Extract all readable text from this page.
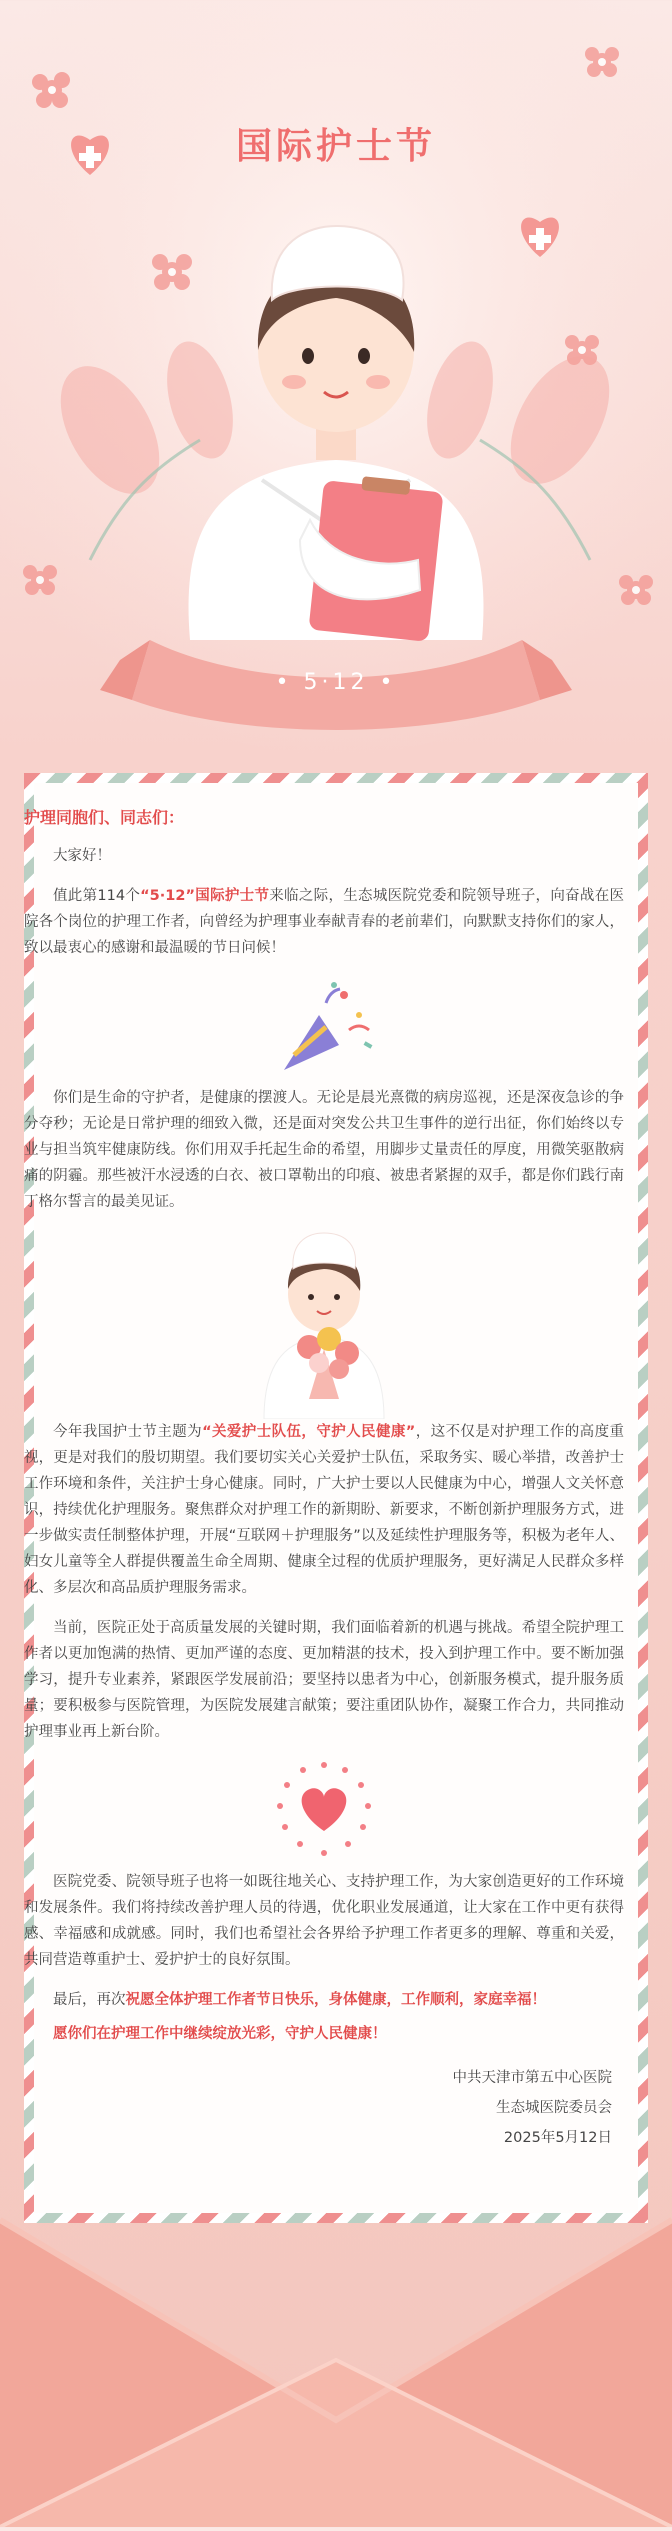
国际护士节
• 5·12 •

护理同胞们、同志们：

大家好！

值此第114个“5·12”国际护士节来临之际，生态城医院党委和院领导班子，向奋战在医院各个岗位的护理工作者，向曾经为护理事业奉献青春的老前辈们，向默默支持你们的家人，致以最衷心的感谢和最温暖的节日问候！

你们是生命的守护者，是健康的摆渡人。无论是晨光熹微的病房巡视，还是深夜急诊的争分夺秒；无论是日常护理的细致入微，还是面对突发公共卫生事件的逆行出征，你们始终以专业与担当筑牢健康防线。你们用双手托起生命的希望，用脚步丈量责任的厚度，用微笑驱散病痛的阴霾。那些被汗水浸透的白衣、被口罩勒出的印痕、被患者紧握的双手，都是你们践行南丁格尔誓言的最美见证。

今年我国护士节主题为“关爱护士队伍，守护人民健康”，这不仅是对护理工作的高度重视，更是对我们的殷切期望。我们要切实关心关爱护士队伍，采取务实、暖心举措，改善护士工作环境和条件，关注护士身心健康。同时，广大护士要以人民健康为中心，增强人文关怀意识，持续优化护理服务。聚焦群众对护理工作的新期盼、新要求，不断创新护理服务方式，进一步做实责任制整体护理，开展“互联网＋护理服务”以及延续性护理服务等，积极为老年人、妇女儿童等全人群提供覆盖生命全周期、健康全过程的优质护理服务，更好满足人民群众多样化、多层次和高品质护理服务需求。

当前，医院正处于高质量发展的关键时期，我们面临着新的机遇与挑战。希望全院护理工作者以更加饱满的热情、更加严谨的态度、更加精湛的技术，投入到护理工作中。要不断加强学习，提升专业素养，紧跟医学发展前沿；要坚持以患者为中心，创新服务模式，提升服务质量；要积极参与医院管理，为医院发展建言献策；要注重团队协作，凝聚工作合力，共同推动护理事业再上新台阶。

医院党委、院领导班子也将一如既往地关心、支持护理工作，为大家创造更好的工作环境和发展条件。我们将持续改善护理人员的待遇，优化职业发展通道，让大家在工作中更有获得感、幸福感和成就感。同时，我们也希望社会各界给予护理工作者更多的理解、尊重和关爱，共同营造尊重护士、爱护护士的良好氛围。

最后，再次祝愿全体护理工作者节日快乐，身体健康，工作顺利，家庭幸福！

愿你们在护理工作中继续绽放光彩，守护人民健康！

中共天津市第五中心医院
生态城医院委员会
2025年5月12日
